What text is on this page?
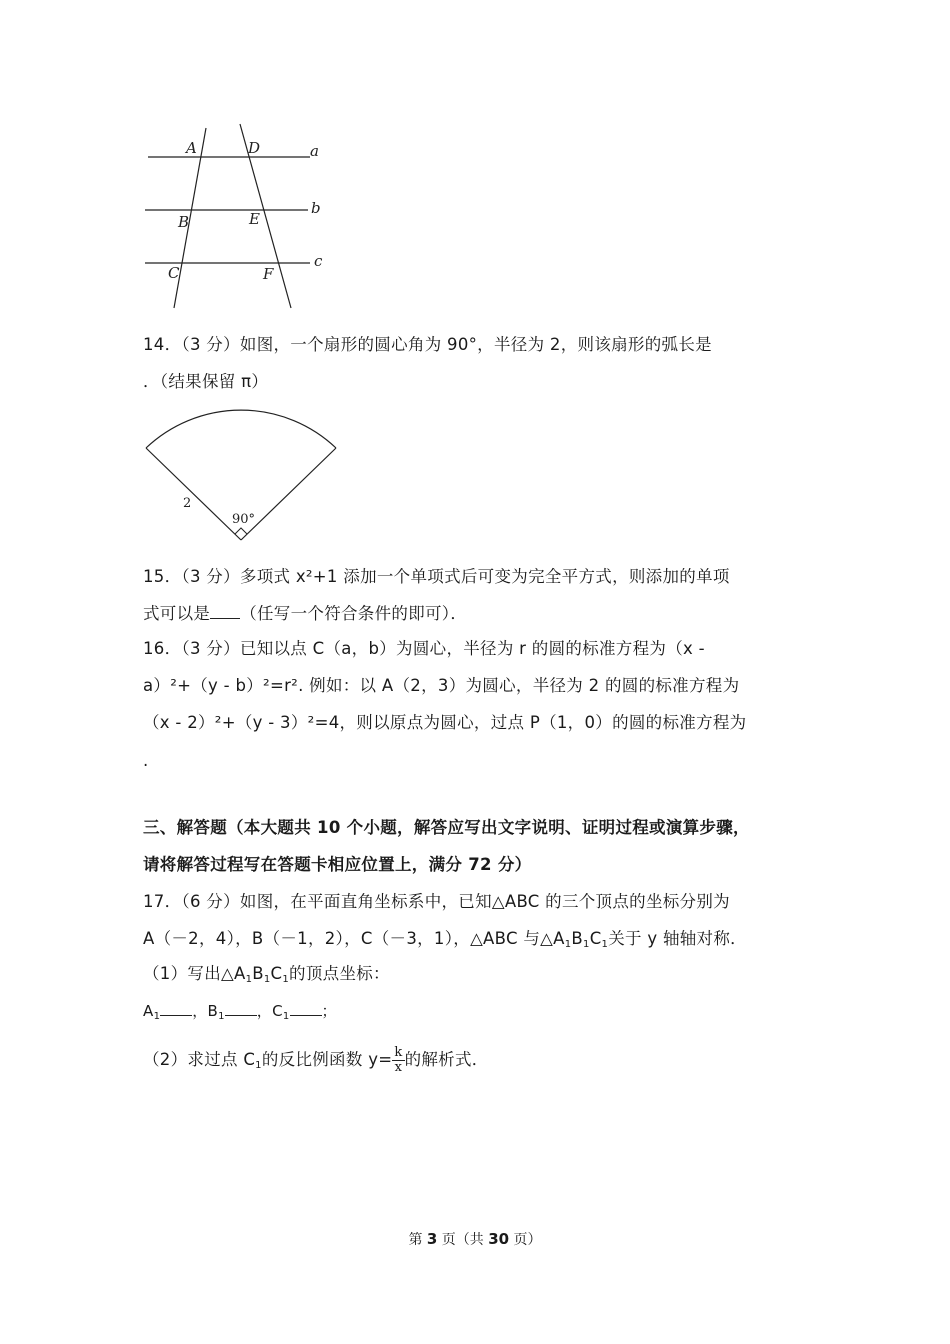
A	D	a
B	E
b
C	F
c
14．（3 分）如图，一个扇形的圆心角为 90°，半径为 2，则该扇形的弧长是
．（结果保留 π）
2
90°
15．（3 分）多项式 x²+1 添加一个单项式后可变为完全平方式，则添加的单项
式可以是 （任写一个符合条件的即可）．
16．（3 分）已知以点 C（a，b）为圆心，半径为 r 的圆的标准方程为（x -
a）²+（y - b）²=r². 例如：以 A（2，3）为圆心，半径为 2 的圆的标准方程为
（x - 2）²+（y - 3）²=4，则以原点为圆心，过点 P（1，0）的圆的标准方程为
.
三、解答题（本大题共 10 个小题，解答应写出文字说明、证明过程或演算步骤，
请将解答过程写在答题卡相应位置上，满分 72 分）
17．（6 分）如图，在平面直角坐标系中，已知△ABC 的三个顶点的坐标分别为
A（－2，4），B（－1，2），C（－3，1），△ABC 与$\triangle A_1B_1C_1$关于 y 轴轴对称．
（1）写出$\triangle A_1B_1C_1$的顶点坐标：
$A_1$ ，$B_1$ ，$C_1$ ；
（2）求过点 $C_1$的反比例函数 $y= \frac{k}{x}$ 的解析式．
第 3 页（共 30 页）
